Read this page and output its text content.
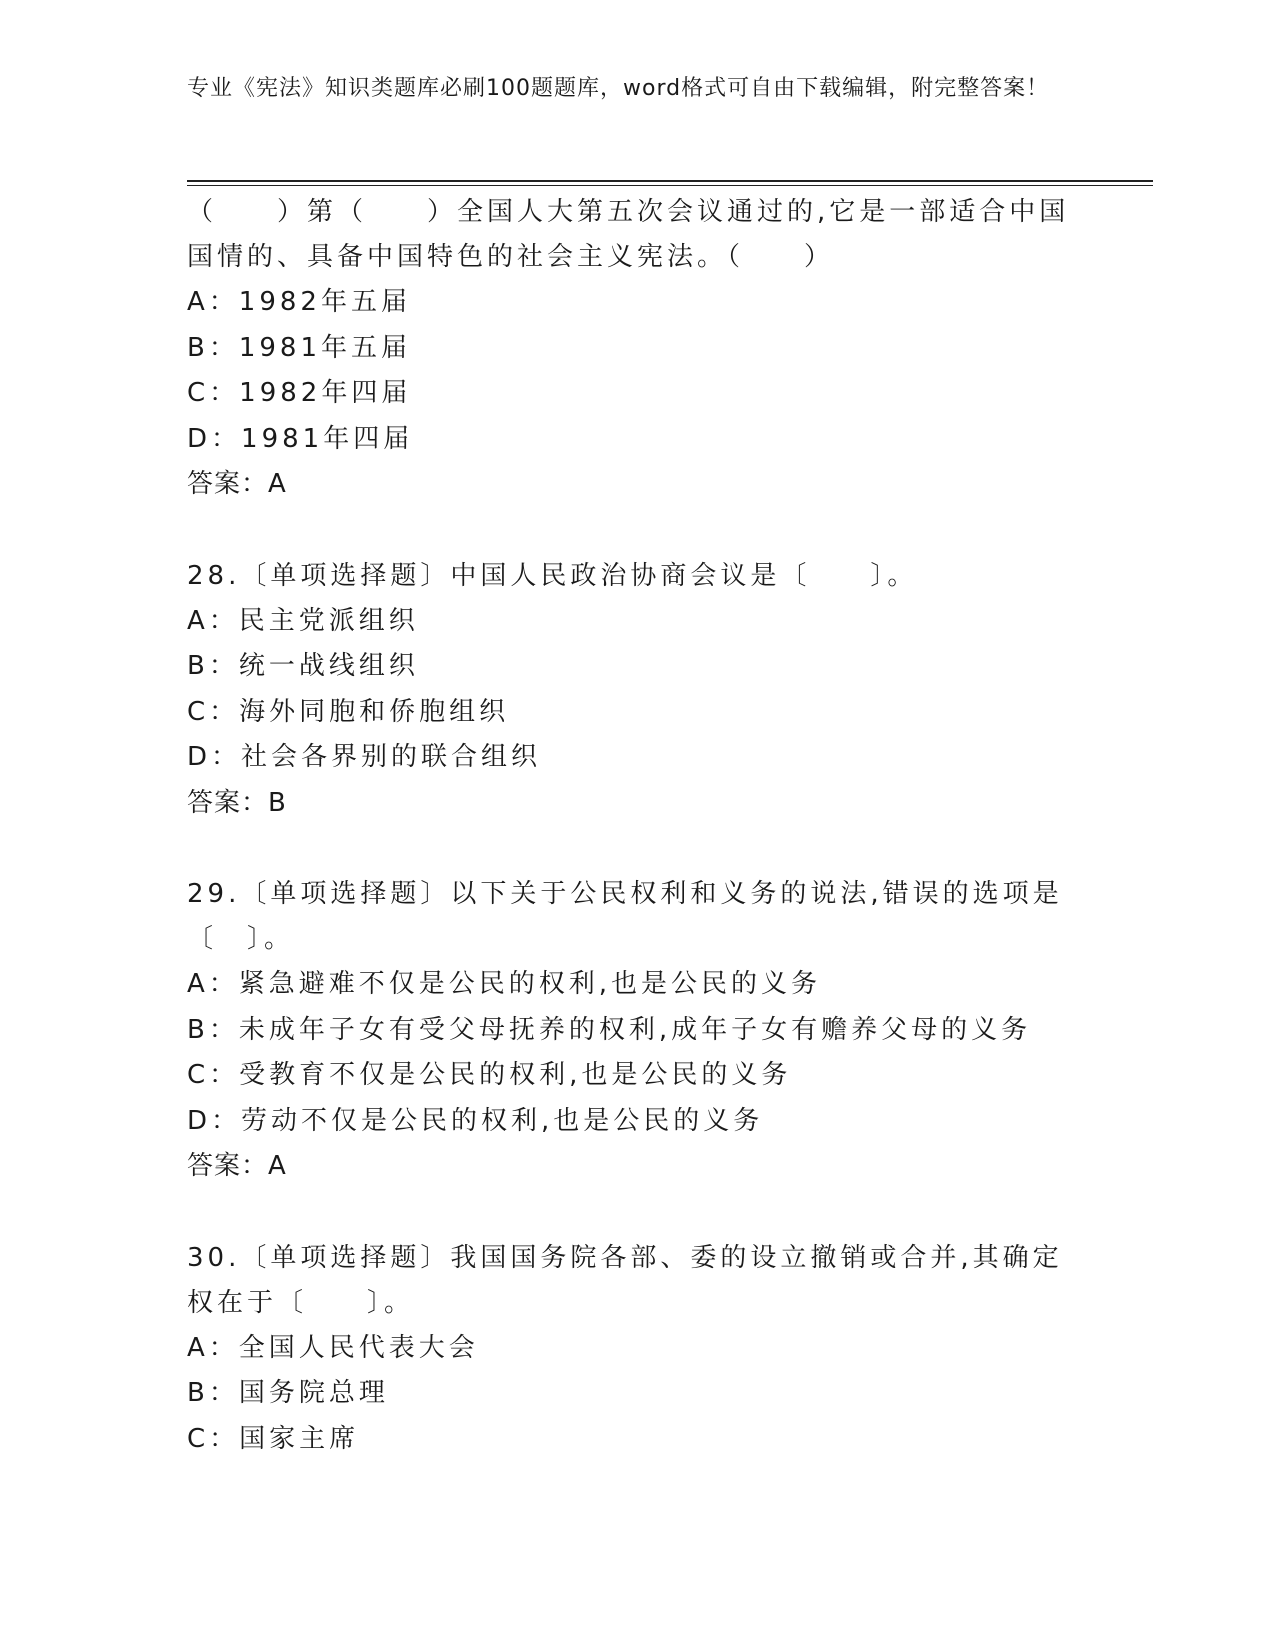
专业《宪法》知识类题库必刷100题题库，word格式可自由下载编辑，附完整答案！
（　　）第（　　）全国人大第五次会议通过的,它是一部适合中国国情的、具备中国特色的社会主义宪法。（　　）
A：1982年五届
B：1981年五届
C：1982年四届
D：1981年四届
答案：A
28.〔单项选择题〕中国人民政治协商会议是〔　　〕。
A：民主党派组织
B：统一战线组织
C：海外同胞和侨胞组织
D：社会各界别的联合组织
答案：B
29.〔单项选择题〕以下关于公民权利和义务的说法,错误的选项是〔　〕。
A：紧急避难不仅是公民的权利,也是公民的义务
B：未成年子女有受父母抚养的权利,成年子女有赡养父母的义务
C：受教育不仅是公民的权利,也是公民的义务
D：劳动不仅是公民的权利,也是公民的义务
答案：A
30.〔单项选择题〕我国国务院各部、委的设立撤销或合并,其确定权在于〔　　〕。
A：全国人民代表大会
B：国务院总理
C：国家主席
